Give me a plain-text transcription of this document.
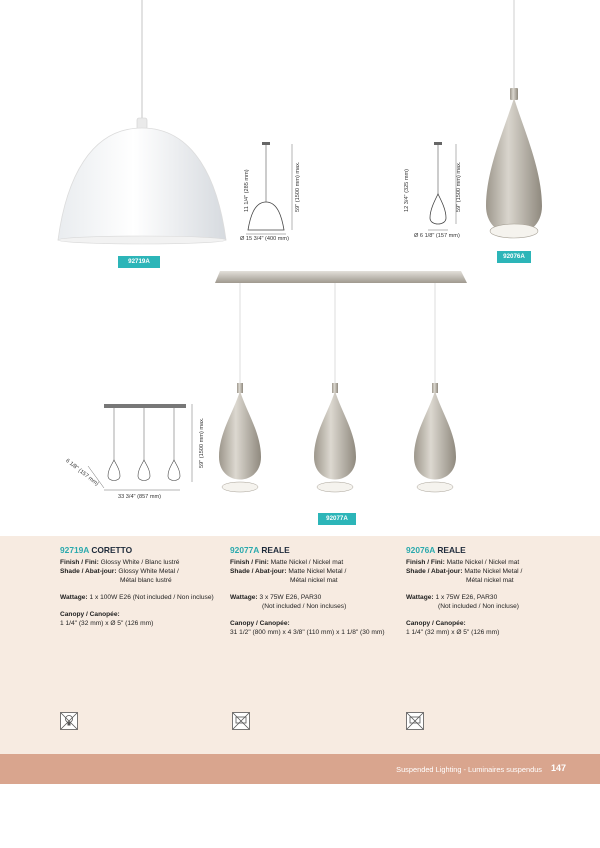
11 1/4" (285 mm)	59" (1500 mm) max.
Ø 15 3/4" (400 mm)
92719A
12 3/4" (325 mm)	59" (1500 mm) max.
Ø 6 1/8" (157 mm)
92076A
59" (1500 mm) max.
6 1/8" (157 mm)
33 3/4" (857 mm)
92077A
92719A CORETTO
Finish / Fini: Glossy White / Blanc lustré
Shade / Abat-jour: Glossy White Metal /
Métal blanc lustré
Wattage: 1 x 100W E26 (Not included / Non incluse)
Canopy / Canopée:
1 1/4" (32 mm) x Ø 5" (126 mm)
92077A REALE
Finish / Fini: Matte Nickel / Nickel mat
Shade / Abat-jour: Matte Nickel Metal /
Métal nickel mat
Wattage: 3 x 75W E26, PAR30
(Not included / Non incluses)
Canopy / Canopée:
31 1/2" (800 mm) x 4 3/8" (110 mm) x 1 1/8" (30 mm)
92076A REALE
Finish / Fini: Matte Nickel / Nickel mat
Shade / Abat-jour: Matte Nickel Metal /
Métal nickel mat
Wattage: 1 x 75W E26, PAR30
(Not included / Non incluse)
Canopy / Canopée:
1 1/4" (32 mm) x Ø 5" (126 mm)
Suspended Lighting - Luminaires suspendus 147
